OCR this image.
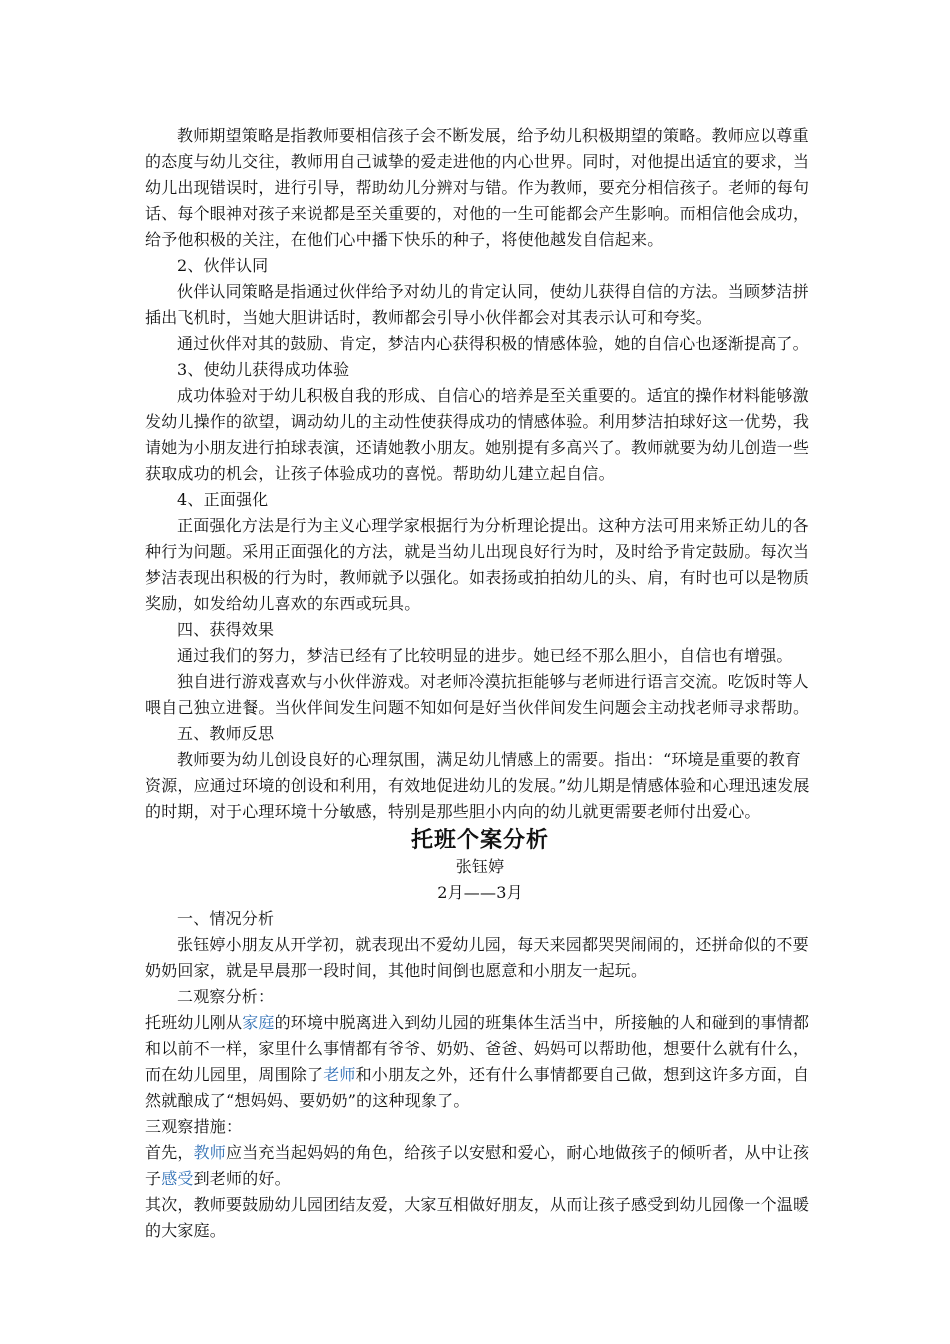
教师期望策略是指教师要相信孩子会不断发展，给予幼儿积极期望的策略。教师应以尊重的态度与幼儿交往，教师用自己诚挚的爱走进他的内心世界。同时，对他提出适宜的要求，当幼儿出现错误时，进行引导，帮助幼儿分辨对与错。作为教师，要充分相信孩子。老师的每句话、每个眼神对孩子来说都是至关重要的，对他的一生可能都会产生影响。而相信他会成功，给予他积极的关注，在他们心中播下快乐的种子，将使他越发自信起来。

2、伙伴认同

伙伴认同策略是指通过伙伴给予对幼儿的肯定认同，使幼儿获得自信的方法。当顾梦洁拼插出飞机时，当她大胆讲话时，教师都会引导小伙伴都会对其表示认可和夸奖。

通过伙伴对其的鼓励、肯定，梦洁内心获得积极的情感体验，她的自信心也逐渐提高了。

3、使幼儿获得成功体验

成功体验对于幼儿积极自我的形成、自信心的培养是至关重要的。适宜的操作材料能够激发幼儿操作的欲望，调动幼儿的主动性使获得成功的情感体验。利用梦洁拍球好这一优势，我请她为小朋友进行拍球表演，还请她教小朋友。她别提有多高兴了。教师就要为幼儿创造一些获取成功的机会，让孩子体验成功的喜悦。帮助幼儿建立起自信。

4、正面强化

正面强化方法是行为主义心理学家根据行为分析理论提出。这种方法可用来矫正幼儿的各种行为问题。采用正面强化的方法，就是当幼儿出现良好行为时，及时给予肯定鼓励。每次当梦洁表现出积极的行为时，教师就予以强化。如表扬或拍拍幼儿的头、肩，有时也可以是物质奖励，如发给幼儿喜欢的东西或玩具。

四、获得效果

通过我们的努力，梦洁已经有了比较明显的进步。她已经不那么胆小，自信也有增强。

独自进行游戏喜欢与小伙伴游戏。对老师冷漠抗拒能够与老师进行语言交流。吃饭时等人喂自己独立进餐。当伙伴间发生问题不知如何是好当伙伴间发生问题会主动找老师寻求帮助。

五、教师反思

教师要为幼儿创设良好的心理氛围，满足幼儿情感上的需要。指出：“环境是重要的教育资源，应通过环境的创设和利用，有效地促进幼儿的发展。”幼儿期是情感体验和心理迅速发展的时期，对于心理环境十分敏感，特别是那些胆小内向的幼儿就更需要老师付出爱心。

托班个案分析

张钰婷

2月——3月

一、情况分析

张钰婷小朋友从开学初，就表现出不爱幼儿园，每天来园都哭哭闹闹的，还拼命似的不要奶奶回家，就是早晨那一段时间，其他时间倒也愿意和小朋友一起玩。

二观察分析：

托班幼儿刚从家庭的环境中脱离进入到幼儿园的班集体生活当中，所接触的人和碰到的事情都和以前不一样，家里什么事情都有爷爷、奶奶、爸爸、妈妈可以帮助他，想要什么就有什么，而在幼儿园里，周围除了老师和小朋友之外，还有什么事情都要自己做，想到这许多方面，自然就酿成了“想妈妈、要奶奶”的这种现象了。

三观察措施：

首先，教师应当充当起妈妈的角色，给孩子以安慰和爱心，耐心地做孩子的倾听者，从中让孩子感受到老师的好。

其次，教师要鼓励幼儿园团结友爱，大家互相做好朋友，从而让孩子感受到幼儿园像一个温暖的大家庭。
